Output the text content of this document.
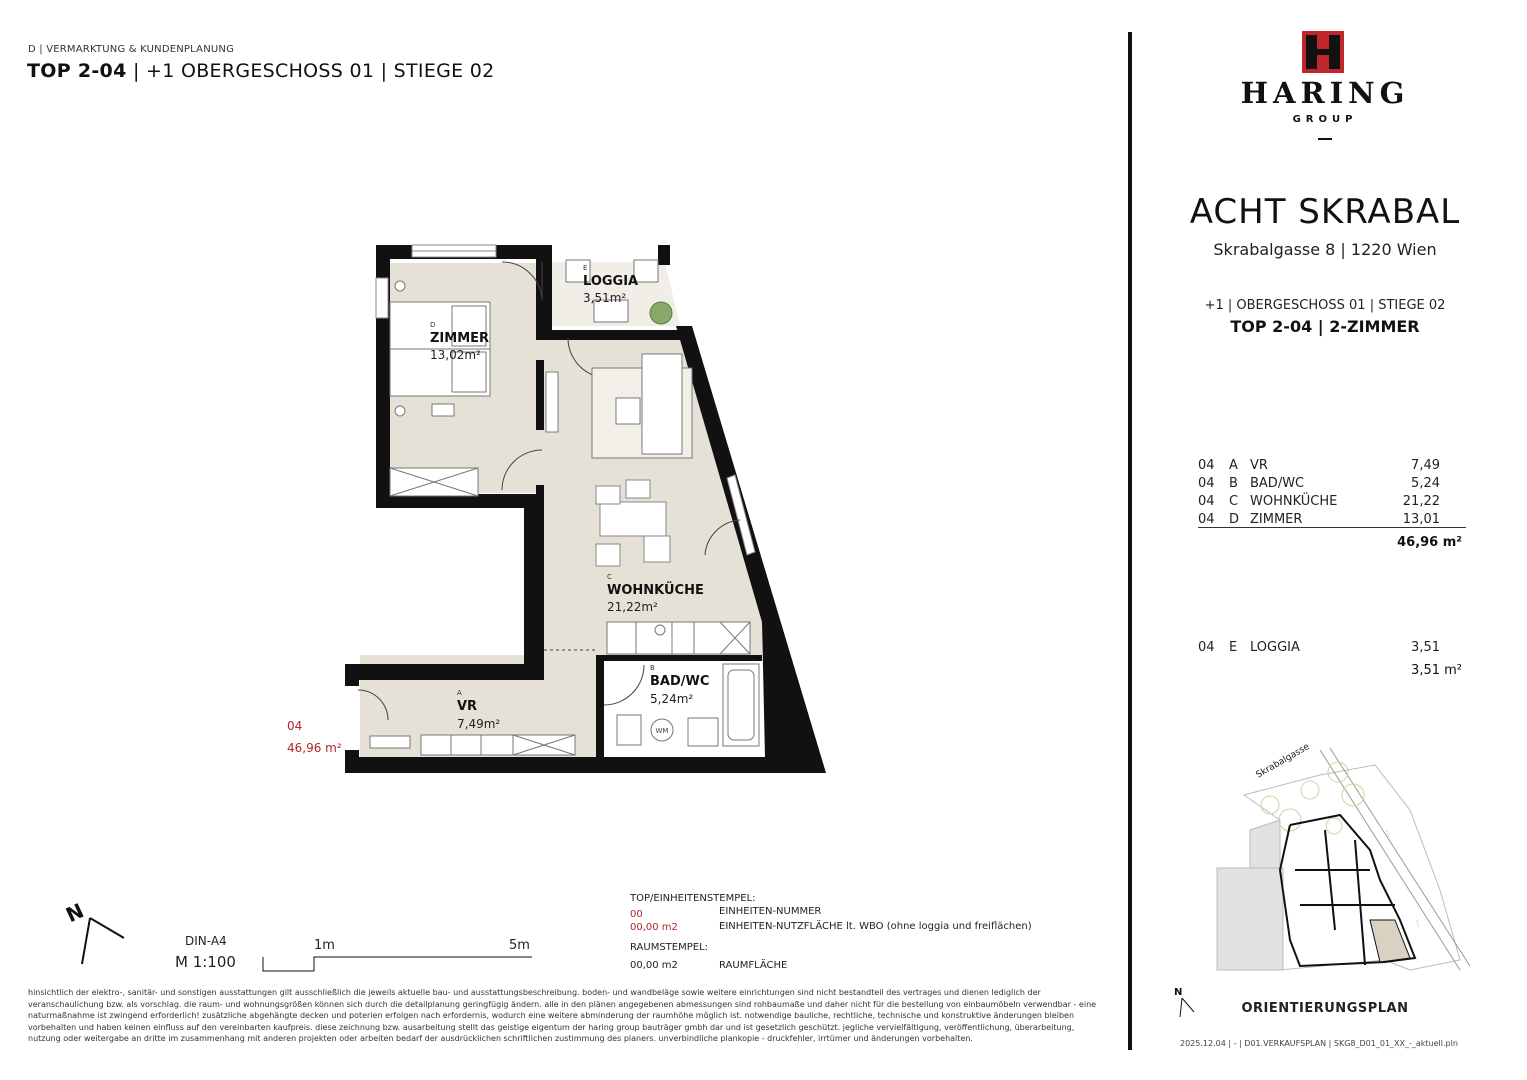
D | VERMARKTUNG & KUNDENPLANUNG
TOP 2-04 | +1 OBERGESCHOSS 01 | STIEGE 02
HARING
GROUP
ACHT SKRABAL
Skrabalgasse 8 | 1220 Wien
+1 | OBERGESCHOSS 01 | STIEGE 02
TOP 2-04 | 2-ZIMMER
04 A VR	7,49
04 B BAD/WC	5,24
04 C WOHNKÜCHE	21,22
04 D ZIMMER	13,01
46,96 m²
04 E LOGGIA	3,51
3,51 m²
WM
D
ZIMMER
13,02m²
E
LOGGIA
3,51m²
C
WOHNKÜCHE
21,22m²
B
BAD/WC
5,24m²
A
VR
7,49m²
04
46,96 m²
N
DIN-A4
M 1:100
1m	5m
TOP/EINHEITENSTEMPEL:
00	EINHEITEN-NUMMER
00,00 m2	EINHEITEN-NUTZFLÄCHE lt. WBO (ohne loggia und freiflächen)
RAUMSTEMPEL:
00,00 m2	RAUMFLÄCHE
hinsichtlich der elektro-, sanitär- und sonstigen ausstattungen gilt ausschließlich die jeweils aktuelle bau- und ausstattungsbeschreibung. boden- und wandbeläge sowie weitere einrichtungen sind nicht bestandteil des vertrages und dienen lediglich der veranschaulichung bzw. als vorschlag. die raum- und wohnungsgrößen können sich durch die detailplanung geringfügig ändern. alle in den plänen angegebenen abmessungen sind rohbaumaße und daher nicht für die bestellung von einbaumöbeln verwendbar - eine naturmaßnahme ist zwingend erforderlich! zusätzliche abgehängte decken und poterien erfolgen nach erfordernis, wodurch eine weitere abminderung der raumhöhe möglich ist. notwendige bauliche, rechtliche, technische und konstruktive änderungen bleiben vorbehalten und haben keinen einfluss auf den vereinbarten kaufpreis. diese zeichnung bzw. ausarbeitung stellt das geistige eigentum der haring group bauträger gmbh dar und ist gesetzlich geschützt. jegliche vervielfältigung, veröffentlichung, überarbeitung, nutzung oder weitergabe an dritte im zusammenhang mit anderen projekten oder arbeiten bedarf der ausdrücklichen schriftlichen zustimmung des planers. unverbindliche plankopie - druckfehler, irrtümer und änderungen vorbehalten.
·····
·····
Skrabalgasse
N
ORIENTIERUNGSPLAN
2025.12.04 | - | D01.VERKAUFSPLAN | SKG8_D01_01_XX_-_aktuell.pln
